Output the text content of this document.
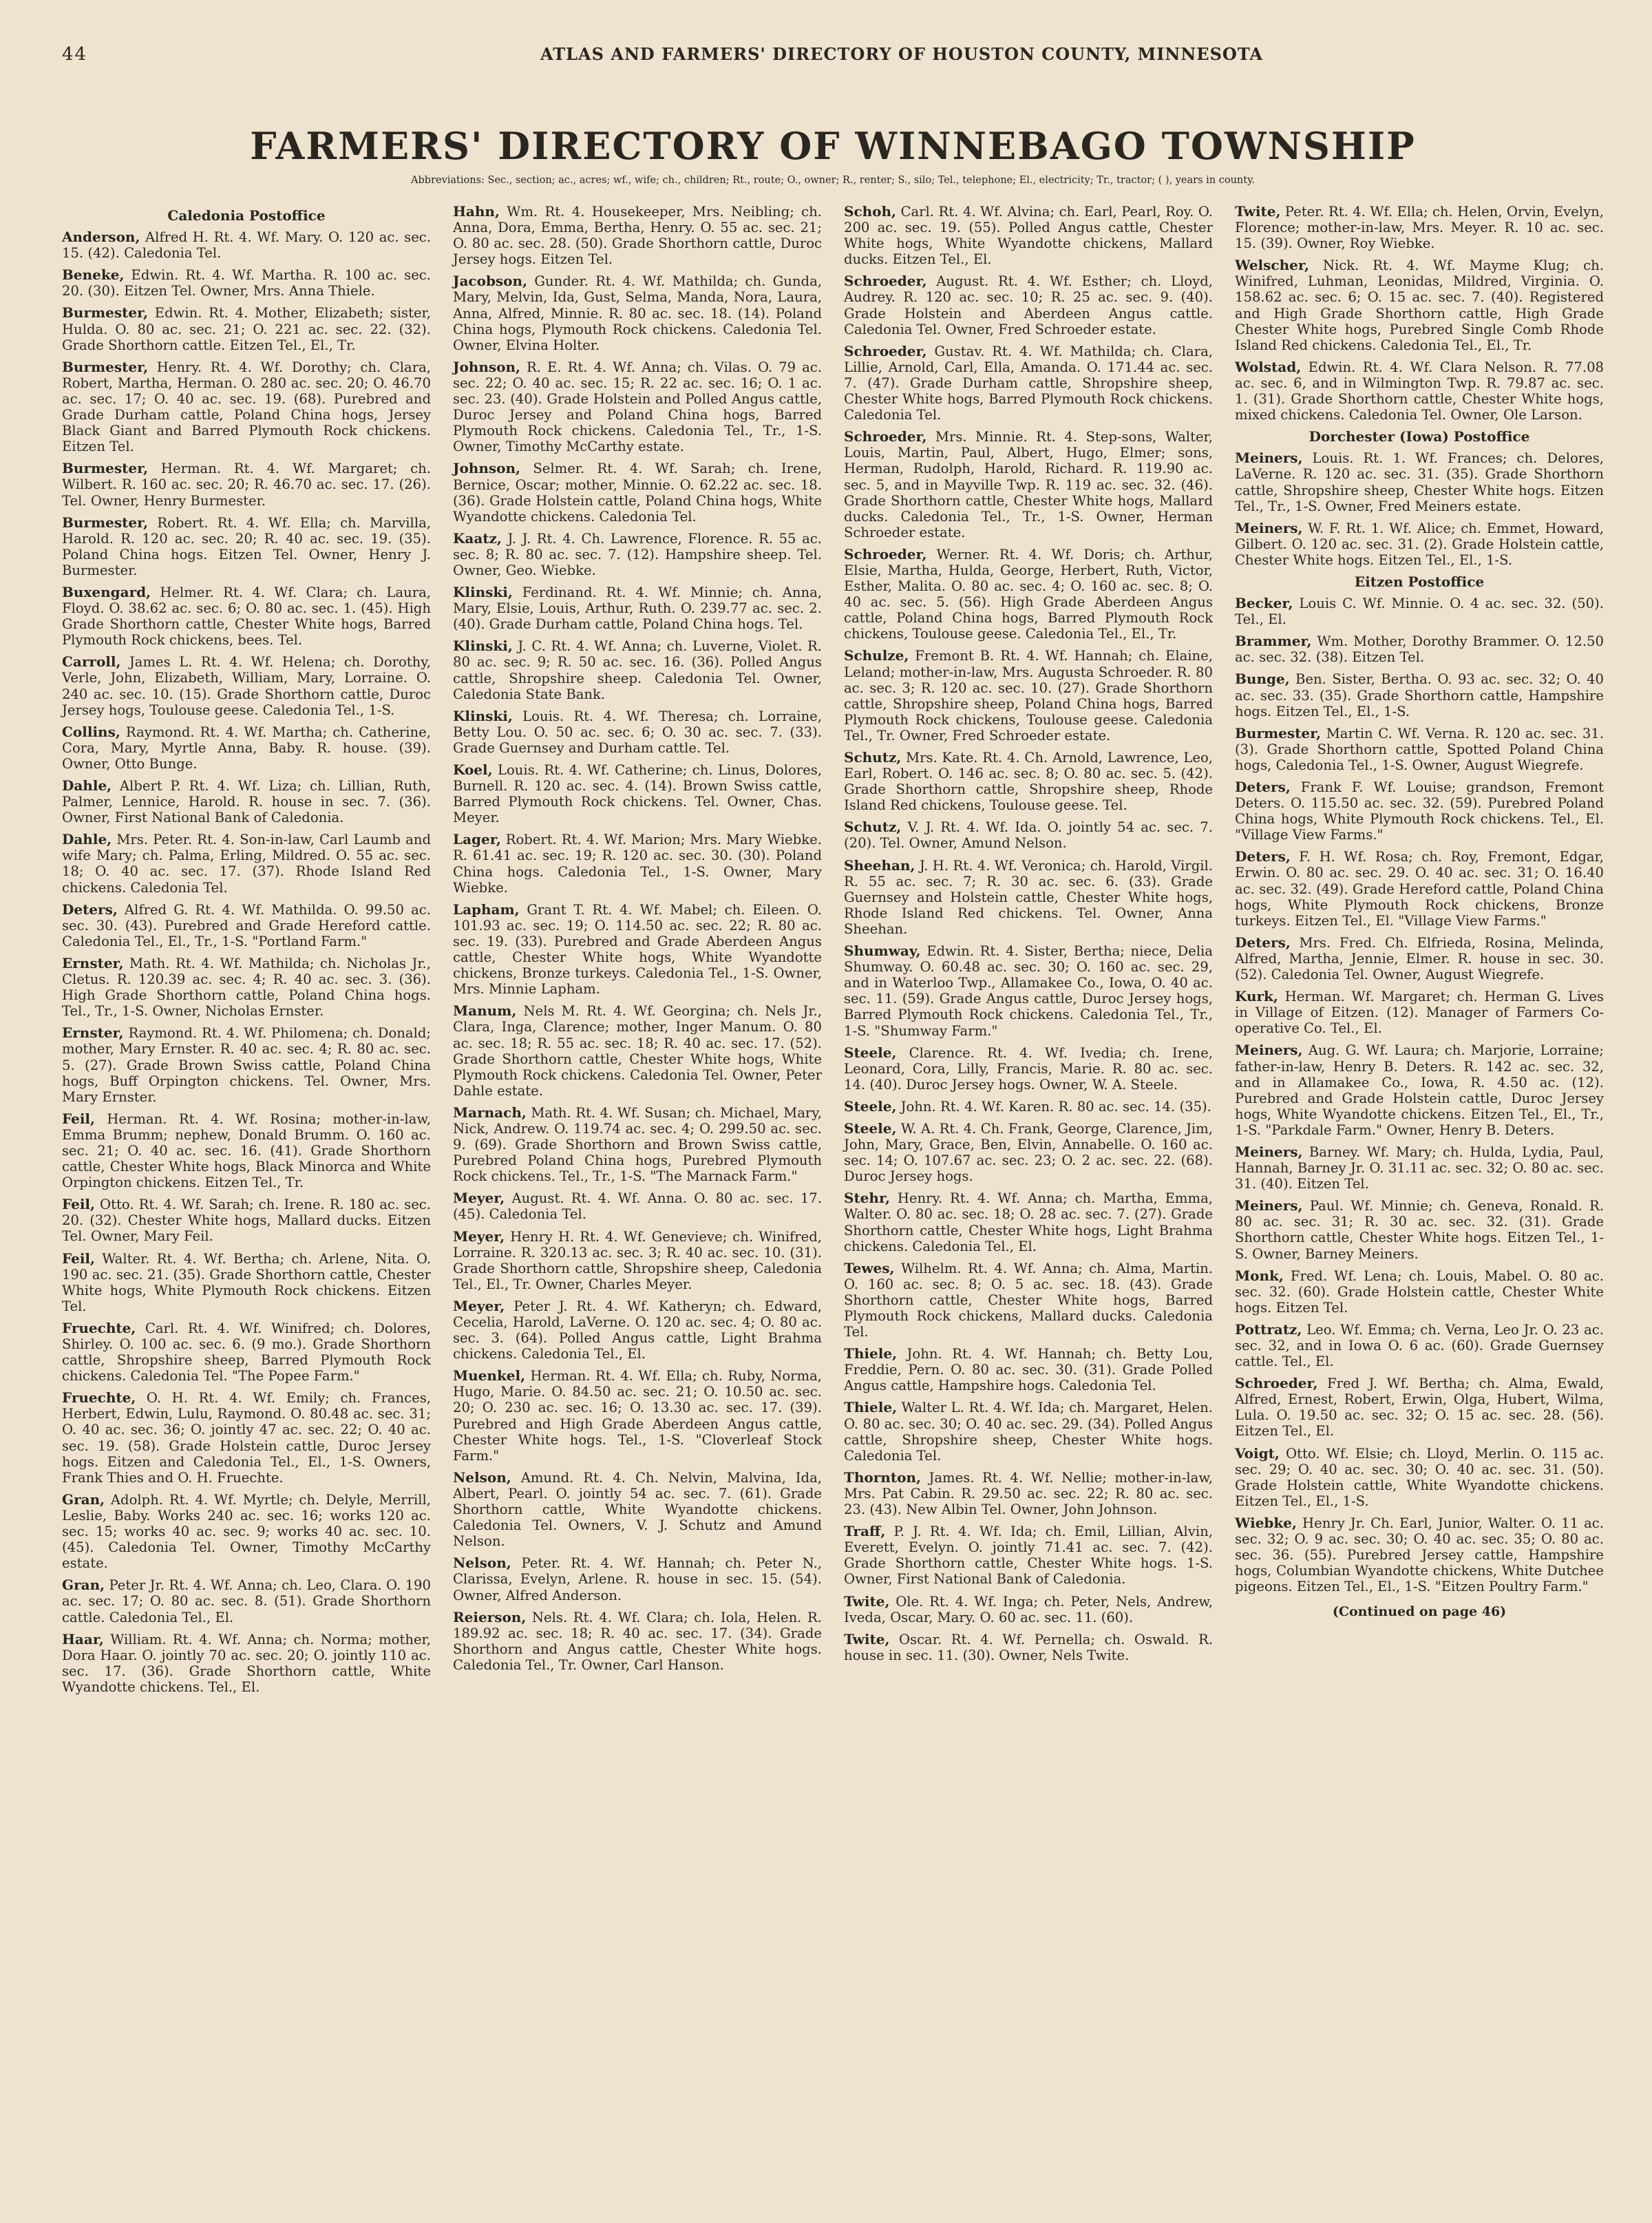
44	ATLAS AND FARMERS' DIRECTORY OF HOUSTON COUNTY, MINNESOTA
FARMERS' DIRECTORY OF WINNEBAGO TOWNSHIP
Abbreviations: Sec., section; ac., acres; wf., wife; ch., children; Rt., route; O., owner; R., renter; S., silo; Tel., telephone; El., electricity; Tr., tractor; ( ), years in county.
Caledonia Postoffice
Anderson, Alfred H. Rt. 4. Wf. Mary. O. 120 ac. sec. 15. (42). Caledonia Tel.
Beneke, Edwin. Rt. 4. Wf. Martha. R. 100 ac. sec. 20. (30). Eitzen Tel. Owner, Mrs. Anna Thiele.
Burmester, Edwin. Rt. 4. Mother, Elizabeth; sister, Hulda. O. 80 ac. sec. 21; O. 221 ac. sec. 22. (32). Grade Shorthorn cattle. Eitzen Tel., El., Tr.
Burmester, Henry. Rt. 4. Wf. Dorothy; ch. Clara, Robert, Martha, Herman. O. 280 ac. sec. 20; O. 46.70 ac. sec. 17; O. 40 ac. sec. 19. (68). Purebred and Grade Durham cattle, Poland China hogs, Jersey Black Giant and Barred Plymouth Rock chickens. Eitzen Tel.
Burmester, Herman. Rt. 4. Wf. Margaret; ch. Wilbert. R. 160 ac. sec. 20; R. 46.70 ac. sec. 17. (26). Tel. Owner, Henry Burmester.
Burmester, Robert. Rt. 4. Wf. Ella; ch. Marvilla, Harold. R. 120 ac. sec. 20; R. 40 ac. sec. 19. (35). Poland China hogs. Eitzen Tel. Owner, Henry J. Burmester.
Buxengard, Helmer. Rt. 4. Wf. Clara; ch. Laura, Floyd. O. 38.62 ac. sec. 6; O. 80 ac. sec. 1. (45). High Grade Shorthorn cattle, Chester White hogs, Barred Plymouth Rock chickens, bees. Tel.
Carroll, James L. Rt. 4. Wf. Helena; ch. Dorothy, Verle, John, Elizabeth, William, Mary, Lorraine. O. 240 ac. sec. 10. (15). Grade Shorthorn cattle, Duroc Jersey hogs, Toulouse geese. Caledonia Tel., 1-S.
Collins, Raymond. Rt. 4. Wf. Martha; ch. Catherine, Cora, Mary, Myrtle Anna, Baby. R. house. (39). Owner, Otto Bunge.
Dahle, Albert P. Rt. 4. Wf. Liza; ch. Lillian, Ruth, Palmer, Lennice, Harold. R. house in sec. 7. (36). Owner, First National Bank of Caledonia.
Dahle, Mrs. Peter. Rt. 4. Son-in-law, Carl Laumb and wife Mary; ch. Palma, Erling, Mildred. O. 55 ac. sec. 18; O. 40 ac. sec. 17. (37). Rhode Island Red chickens. Caledonia Tel.
Deters, Alfred G. Rt. 4. Wf. Mathilda. O. 99.50 ac. sec. 30. (43). Purebred and Grade Hereford cattle. Caledonia Tel., El., Tr., 1-S. "Portland Farm."
Ernster, Math. Rt. 4. Wf. Mathilda; ch. Nicholas Jr., Cletus. R. 120.39 ac. sec. 4; R. 40 ac. sec. 3. (36). High Grade Shorthorn cattle, Poland China hogs. Tel., Tr., 1-S. Owner, Nicholas Ernster.
Ernster, Raymond. Rt. 4. Wf. Philomena; ch. Donald; mother, Mary Ernster. R. 40 ac. sec. 4; R. 80 ac. sec. 5. (27). Grade Brown Swiss cattle, Poland China hogs, Buff Orpington chickens. Tel. Owner, Mrs. Mary Ernster.
Feil, Herman. Rt. 4. Wf. Rosina; mother-in-law, Emma Brumm; nephew, Donald Brumm. O. 160 ac. sec. 21; O. 40 ac. sec. 16. (41). Grade Shorthorn cattle, Chester White hogs, Black Minorca and White Orpington chickens. Eitzen Tel., Tr.
Feil, Otto. Rt. 4. Wf. Sarah; ch. Irene. R. 180 ac. sec. 20. (32). Chester White hogs, Mallard ducks. Eitzen Tel. Owner, Mary Feil.
Feil, Walter. Rt. 4. Wf. Bertha; ch. Arlene, Nita. O. 190 ac. sec. 21. (35). Grade Shorthorn cattle, Chester White hogs, White Plymouth Rock chickens. Eitzen Tel.
Fruechte, Carl. Rt. 4. Wf. Winifred; ch. Dolores, Shirley. O. 100 ac. sec. 6. (9 mo.). Grade Shorthorn cattle, Shropshire sheep, Barred Plymouth Rock chickens. Caledonia Tel. "The Popee Farm."
Fruechte, O. H. Rt. 4. Wf. Emily; ch. Frances, Herbert, Edwin, Lulu, Raymond. O. 80.48 ac. sec. 31; O. 40 ac. sec. 36; O. jointly 47 ac. sec. 22; O. 40 ac. sec. 19. (58). Grade Holstein cattle, Duroc Jersey hogs. Eitzen and Caledonia Tel., El., 1-S. Owners, Frank Thies and O. H. Fruechte.
Gran, Adolph. Rt. 4. Wf. Myrtle; ch. Delyle, Merrill, Leslie, Baby. Works 240 ac. sec. 16; works 120 ac. sec. 15; works 40 ac. sec. 9; works 40 ac. sec. 10. (45). Caledonia Tel. Owner, Timothy McCarthy estate.
Gran, Peter Jr. Rt. 4. Wf. Anna; ch. Leo, Clara. O. 190 ac. sec. 17; O. 80 ac. sec. 8. (51). Grade Shorthorn cattle. Caledonia Tel., El.
Haar, William. Rt. 4. Wf. Anna; ch. Norma; mother, Dora Haar. O. jointly 70 ac. sec. 20; O. jointly 110 ac. sec. 17. (36). Grade Shorthorn cattle, White Wyandotte chickens. Tel., El.
Hahn, Wm. Rt. 4. Housekeeper, Mrs. Neibling; ch. Anna, Dora, Emma, Bertha, Henry. O. 55 ac. sec. 21; O. 80 ac. sec. 28. (50). Grade Shorthorn cattle, Duroc Jersey hogs. Eitzen Tel.
Jacobson, Gunder. Rt. 4. Wf. Mathilda; ch. Gunda, Mary, Melvin, Ida, Gust, Selma, Manda, Nora, Laura, Anna, Alfred, Minnie. R. 80 ac. sec. 18. (14). Poland China hogs, Plymouth Rock chickens. Caledonia Tel. Owner, Elvina Holter.
Johnson, R. E. Rt. 4. Wf. Anna; ch. Vilas. O. 79 ac. sec. 22; O. 40 ac. sec. 15; R. 22 ac. sec. 16; O. 1 ac. sec. 23. (40). Grade Holstein and Polled Angus cattle, Duroc Jersey and Poland China hogs, Barred Plymouth Rock chickens. Caledonia Tel., Tr., 1-S. Owner, Timothy McCarthy estate.
Johnson, Selmer. Rt. 4. Wf. Sarah; ch. Irene, Bernice, Oscar; mother, Minnie. O. 62.22 ac. sec. 18. (36). Grade Holstein cattle, Poland China hogs, White Wyandotte chickens. Caledonia Tel.
Kaatz, J. J. Rt. 4. Ch. Lawrence, Florence. R. 55 ac. sec. 8; R. 80 ac. sec. 7. (12). Hampshire sheep. Tel. Owner, Geo. Wiebke.
Klinski, Ferdinand. Rt. 4. Wf. Minnie; ch. Anna, Mary, Elsie, Louis, Arthur, Ruth. O. 239.77 ac. sec. 2. (40). Grade Durham cattle, Poland China hogs. Tel.
Klinski, J. C. Rt. 4. Wf. Anna; ch. Luverne, Violet. R. 80 ac. sec. 9; R. 50 ac. sec. 16. (36). Polled Angus cattle, Shropshire sheep. Caledonia Tel. Owner, Caledonia State Bank.
Klinski, Louis. Rt. 4. Wf. Theresa; ch. Lorraine, Betty Lou. O. 50 ac. sec. 6; O. 30 ac. sec. 7. (33). Grade Guernsey and Durham cattle. Tel.
Koel, Louis. Rt. 4. Wf. Catherine; ch. Linus, Dolores, Burnell. R. 120 ac. sec. 4. (14). Brown Swiss cattle, Barred Plymouth Rock chickens. Tel. Owner, Chas. Meyer.
Lager, Robert. Rt. 4. Wf. Marion; Mrs. Mary Wiebke. R. 61.41 ac. sec. 19; R. 120 ac. sec. 30. (30). Poland China hogs. Caledonia Tel., 1-S. Owner, Mary Wiebke.
Lapham, Grant T. Rt. 4. Wf. Mabel; ch. Eileen. O. 101.93 ac. sec. 19; O. 114.50 ac. sec. 22; R. 80 ac. sec. 19. (33). Purebred and Grade Aberdeen Angus cattle, Chester White hogs, White Wyandotte chickens, Bronze turkeys. Caledonia Tel., 1-S. Owner, Mrs. Minnie Lapham.
Manum, Nels M. Rt. 4. Wf. Georgina; ch. Nels Jr., Clara, Inga, Clarence; mother, Inger Manum. O. 80 ac. sec. 18; R. 55 ac. sec. 18; R. 40 ac. sec. 17. (52). Grade Shorthorn cattle, Chester White hogs, White Plymouth Rock chickens. Caledonia Tel. Owner, Peter Dahle estate.
Marnach, Math. Rt. 4. Wf. Susan; ch. Michael, Mary, Nick, Andrew. O. 119.74 ac. sec. 4; O. 299.50 ac. sec. 9. (69). Grade Shorthorn and Brown Swiss cattle, Purebred Poland China hogs, Purebred Plymouth Rock chickens. Tel., Tr., 1-S. "The Marnack Farm."
Meyer, August. Rt. 4. Wf. Anna. O. 80 ac. sec. 17. (45). Caledonia Tel.
Meyer, Henry H. Rt. 4. Wf. Genevieve; ch. Winifred, Lorraine. R. 320.13 ac. sec. 3; R. 40 ac. sec. 10. (31). Grade Shorthorn cattle, Shropshire sheep, Caledonia Tel., El., Tr. Owner, Charles Meyer.
Meyer, Peter J. Rt. 4. Wf. Katheryn; ch. Edward, Cecelia, Harold, LaVerne. O. 120 ac. sec. 4; O. 80 ac. sec. 3. (64). Polled Angus cattle, Light Brahma chickens. Caledonia Tel., El.
Muenkel, Herman. Rt. 4. Wf. Ella; ch. Ruby, Norma, Hugo, Marie. O. 84.50 ac. sec. 21; O. 10.50 ac. sec. 20; O. 230 ac. sec. 16; O. 13.30 ac. sec. 17. (39). Purebred and High Grade Aberdeen Angus cattle, Chester White hogs. Tel., 1-S. "Cloverleaf Stock Farm."
Nelson, Amund. Rt. 4. Ch. Nelvin, Malvina, Ida, Albert, Pearl. O. jointly 54 ac. sec. 7. (61). Grade Shorthorn cattle, White Wyandotte chickens. Caledonia Tel. Owners, V. J. Schutz and Amund Nelson.
Nelson, Peter. Rt. 4. Wf. Hannah; ch. Peter N., Clarissa, Evelyn, Arlene. R. house in sec. 15. (54). Owner, Alfred Anderson.
Reierson, Nels. Rt. 4. Wf. Clara; ch. Iola, Helen. R. 189.92 ac. sec. 18; R. 40 ac. sec. 17. (34). Grade Shorthorn and Angus cattle, Chester White hogs. Caledonia Tel., Tr. Owner, Carl Hanson.
Schoh, Carl. Rt. 4. Wf. Alvina; ch. Earl, Pearl, Roy. O. 200 ac. sec. 19. (55). Polled Angus cattle, Chester White hogs, White Wyandotte chickens, Mallard ducks. Eitzen Tel., El.
Schroeder, August. Rt. 4. Wf. Esther; ch. Lloyd, Audrey. R. 120 ac. sec. 10; R. 25 ac. sec. 9. (40). Grade Holstein and Aberdeen Angus cattle. Caledonia Tel. Owner, Fred Schroeder estate.
Schroeder, Gustav. Rt. 4. Wf. Mathilda; ch. Clara, Lillie, Arnold, Carl, Ella, Amanda. O. 171.44 ac. sec. 7. (47). Grade Durham cattle, Shropshire sheep, Chester White hogs, Barred Plymouth Rock chickens. Caledonia Tel.
Schroeder, Mrs. Minnie. Rt. 4. Step-sons, Walter, Louis, Martin, Paul, Albert, Hugo, Elmer; sons, Herman, Rudolph, Harold, Richard. R. 119.90 ac. sec. 5, and in Mayville Twp. R. 119 ac. sec. 32. (46). Grade Shorthorn cattle, Chester White hogs, Mallard ducks. Caledonia Tel., Tr., 1-S. Owner, Herman Schroeder estate.
Schroeder, Werner. Rt. 4. Wf. Doris; ch. Arthur, Elsie, Martha, Hulda, George, Herbert, Ruth, Victor, Esther, Malita. O. 80 ac. sec. 4; O. 160 ac. sec. 8; O. 40 ac. sec. 5. (56). High Grade Aberdeen Angus cattle, Poland China hogs, Barred Plymouth Rock chickens, Toulouse geese. Caledonia Tel., El., Tr.
Schulze, Fremont B. Rt. 4. Wf. Hannah; ch. Elaine, Leland; mother-in-law, Mrs. Augusta Schroeder. R. 80 ac. sec. 3; R. 120 ac. sec. 10. (27). Grade Shorthorn cattle, Shropshire sheep, Poland China hogs, Barred Plymouth Rock chickens, Toulouse geese. Caledonia Tel., Tr. Owner, Fred Schroeder estate.
Schutz, Mrs. Kate. Rt. 4. Ch. Arnold, Lawrence, Leo, Earl, Robert. O. 146 ac. sec. 8; O. 80 ac. sec. 5. (42). Grade Shorthorn cattle, Shropshire sheep, Rhode Island Red chickens, Toulouse geese. Tel.
Schutz, V. J. Rt. 4. Wf. Ida. O. jointly 54 ac. sec. 7. (20). Tel. Owner, Amund Nelson.
Sheehan, J. H. Rt. 4. Wf. Veronica; ch. Harold, Virgil. R. 55 ac. sec. 7; R. 30 ac. sec. 6. (33). Grade Guernsey and Holstein cattle, Chester White hogs, Rhode Island Red chickens. Tel. Owner, Anna Sheehan.
Shumway, Edwin. Rt. 4. Sister, Bertha; niece, Delia Shumway. O. 60.48 ac. sec. 30; O. 160 ac. sec. 29, and in Waterloo Twp., Allamakee Co., Iowa, O. 40 ac. sec. 11. (59). Grade Angus cattle, Duroc Jersey hogs, Barred Plymouth Rock chickens. Caledonia Tel., Tr., 1-S. "Shumway Farm."
Steele, Clarence. Rt. 4. Wf. Ivedia; ch. Irene, Leonard, Cora, Lilly, Francis, Marie. R. 80 ac. sec. 14. (40). Duroc Jersey hogs. Owner, W. A. Steele.
Steele, John. Rt. 4. Wf. Karen. R. 80 ac. sec. 14. (35).
Steele, W. A. Rt. 4. Ch. Frank, George, Clarence, Jim, John, Mary, Grace, Ben, Elvin, Annabelle. O. 160 ac. sec. 14; O. 107.67 ac. sec. 23; O. 2 ac. sec. 22. (68). Duroc Jersey hogs.
Stehr, Henry. Rt. 4. Wf. Anna; ch. Martha, Emma, Walter. O. 80 ac. sec. 18; O. 28 ac. sec. 7. (27). Grade Shorthorn cattle, Chester White hogs, Light Brahma chickens. Caledonia Tel., El.
Tewes, Wilhelm. Rt. 4. Wf. Anna; ch. Alma, Martin. O. 160 ac. sec. 8; O. 5 ac. sec. 18. (43). Grade Shorthorn cattle, Chester White hogs, Barred Plymouth Rock chickens, Mallard ducks. Caledonia Tel.
Thiele, John. Rt. 4. Wf. Hannah; ch. Betty Lou, Freddie, Pern. O. 80 ac. sec. 30. (31). Grade Polled Angus cattle, Hampshire hogs. Caledonia Tel.
Thiele, Walter L. Rt. 4. Wf. Ida; ch. Margaret, Helen. O. 80 ac. sec. 30; O. 40 ac. sec. 29. (34). Polled Angus cattle, Shropshire sheep, Chester White hogs. Caledonia Tel.
Thornton, James. Rt. 4. Wf. Nellie; mother-in-law, Mrs. Pat Cabin. R. 29.50 ac. sec. 22; R. 80 ac. sec. 23. (43). New Albin Tel. Owner, John Johnson.
Traff, P. J. Rt. 4. Wf. Ida; ch. Emil, Lillian, Alvin, Everett, Evelyn. O. jointly 71.41 ac. sec. 7. (42). Grade Shorthorn cattle, Chester White hogs. 1-S. Owner, First National Bank of Caledonia.
Twite, Ole. Rt. 4. Wf. Inga; ch. Peter, Nels, Andrew, Iveda, Oscar, Mary. O. 60 ac. sec. 11. (60).
Twite, Oscar. Rt. 4. Wf. Pernella; ch. Oswald. R. house in sec. 11. (30). Owner, Nels Twite.
Twite, Peter. Rt. 4. Wf. Ella; ch. Helen, Orvin, Evelyn, Florence; mother-in-law, Mrs. Meyer. R. 10 ac. sec. 15. (39). Owner, Roy Wiebke.
Welscher, Nick. Rt. 4. Wf. Mayme Klug; ch. Winifred, Luhman, Leonidas, Mildred, Virginia. O. 158.62 ac. sec. 6; O. 15 ac. sec. 7. (40). Registered and High Grade Shorthorn cattle, High Grade Chester White hogs, Purebred Single Comb Rhode Island Red chickens. Caledonia Tel., El., Tr.
Wolstad, Edwin. Rt. 4. Wf. Clara Nelson. R. 77.08 ac. sec. 6, and in Wilmington Twp. R. 79.87 ac. sec. 1. (31). Grade Shorthorn cattle, Chester White hogs, mixed chickens. Caledonia Tel. Owner, Ole Larson.
Dorchester (Iowa) Postoffice
Meiners, Louis. Rt. 1. Wf. Frances; ch. Delores, LaVerne. R. 120 ac. sec. 31. (35). Grade Shorthorn cattle, Shropshire sheep, Chester White hogs. Eitzen Tel., Tr., 1-S. Owner, Fred Meiners estate.
Meiners, W. F. Rt. 1. Wf. Alice; ch. Emmet, Howard, Gilbert. O. 120 ac. sec. 31. (2). Grade Holstein cattle, Chester White hogs. Eitzen Tel., El., 1-S.
Eitzen Postoffice
Becker, Louis C. Wf. Minnie. O. 4 ac. sec. 32. (50). Tel., El.
Brammer, Wm. Mother, Dorothy Brammer. O. 12.50 ac. sec. 32. (38). Eitzen Tel.
Bunge, Ben. Sister, Bertha. O. 93 ac. sec. 32; O. 40 ac. sec. 33. (35). Grade Shorthorn cattle, Hampshire hogs. Eitzen Tel., El., 1-S.
Burmester, Martin C. Wf. Verna. R. 120 ac. sec. 31. (3). Grade Shorthorn cattle, Spotted Poland China hogs, Caledonia Tel., 1-S. Owner, August Wiegrefe.
Deters, Frank F. Wf. Louise; grandson, Fremont Deters. O. 115.50 ac. sec. 32. (59). Purebred Poland China hogs, White Plymouth Rock chickens. Tel., El. "Village View Farms."
Deters, F. H. Wf. Rosa; ch. Roy, Fremont, Edgar, Erwin. O. 80 ac. sec. 29. O. 40 ac. sec. 31; O. 16.40 ac. sec. 32. (49). Grade Hereford cattle, Poland China hogs, White Plymouth Rock chickens, Bronze turkeys. Eitzen Tel., El. "Village View Farms."
Deters, Mrs. Fred. Ch. Elfrieda, Rosina, Melinda, Alfred, Martha, Jennie, Elmer. R. house in sec. 30. (52). Caledonia Tel. Owner, August Wiegrefe.
Kurk, Herman. Wf. Margaret; ch. Herman G. Lives in Village of Eitzen. (12). Manager of Farmers Co-operative Co. Tel., El.
Meiners, Aug. G. Wf. Laura; ch. Marjorie, Lorraine; father-in-law, Henry B. Deters. R. 142 ac. sec. 32, and in Allamakee Co., Iowa, R. 4.50 ac. (12). Purebred and Grade Holstein cattle, Duroc Jersey hogs, White Wyandotte chickens. Eitzen Tel., El., Tr., 1-S. "Parkdale Farm." Owner, Henry B. Deters.
Meiners, Barney. Wf. Mary; ch. Hulda, Lydia, Paul, Hannah, Barney Jr. O. 31.11 ac. sec. 32; O. 80 ac. sec. 31. (40). Eitzen Tel.
Meiners, Paul. Wf. Minnie; ch. Geneva, Ronald. R. 80 ac. sec. 31; R. 30 ac. sec. 32. (31). Grade Shorthorn cattle, Chester White hogs. Eitzen Tel., 1-S. Owner, Barney Meiners.
Monk, Fred. Wf. Lena; ch. Louis, Mabel. O. 80 ac. sec. 32. (60). Grade Holstein cattle, Chester White hogs. Eitzen Tel.
Pottratz, Leo. Wf. Emma; ch. Verna, Leo Jr. O. 23 ac. sec. 32, and in Iowa O. 6 ac. (60). Grade Guernsey cattle. Tel., El.
Schroeder, Fred J. Wf. Bertha; ch. Alma, Ewald, Alfred, Ernest, Robert, Erwin, Olga, Hubert, Wilma, Lula. O. 19.50 ac. sec. 32; O. 15 ac. sec. 28. (56). Eitzen Tel., El.
Voigt, Otto. Wf. Elsie; ch. Lloyd, Merlin. O. 115 ac. sec. 29; O. 40 ac. sec. 30; O. 40 ac. sec. 31. (50). Grade Holstein cattle, White Wyandotte chickens. Eitzen Tel., El., 1-S.
Wiebke, Henry Jr. Ch. Earl, Junior, Walter. O. 11 ac. sec. 32; O. 9 ac. sec. 30; O. 40 ac. sec. 35; O. 80 ac. sec. 36. (55). Purebred Jersey cattle, Hampshire hogs, Columbian Wyandotte chickens, White Dutchee pigeons. Eitzen Tel., El., 1-S. "Eitzen Poultry Farm."
(Continued on page 46)
